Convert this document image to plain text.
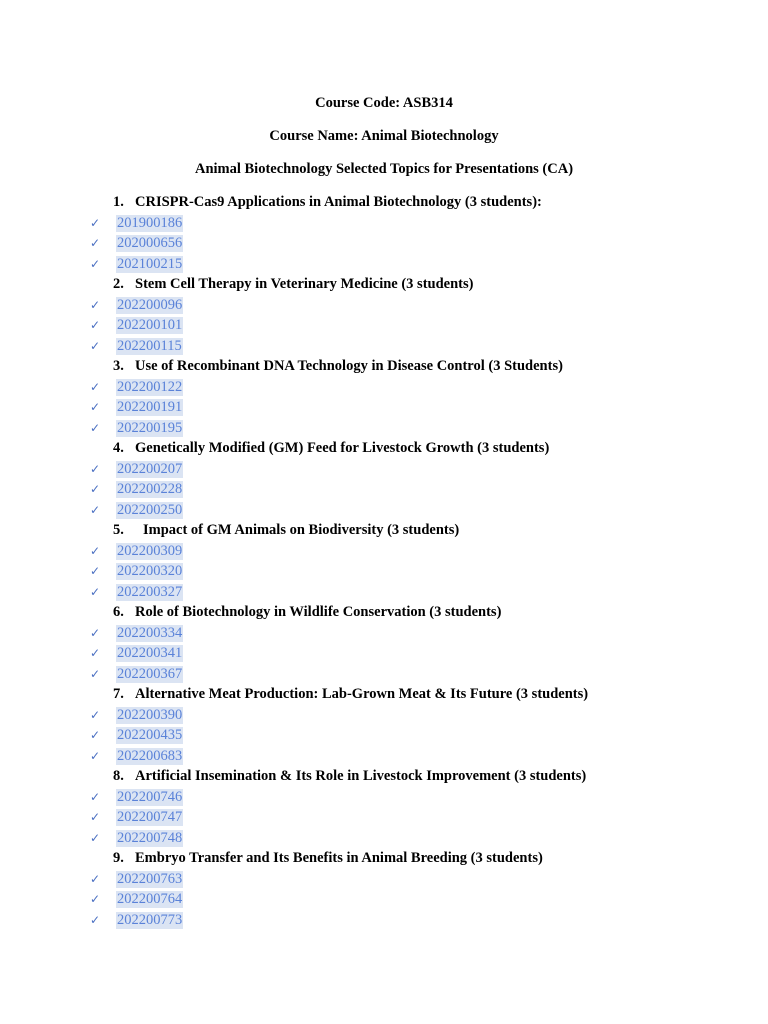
Course Code: ASB314
Course Name: Animal Biotechnology
Animal Biotechnology Selected Topics for Presentations (CA)
1. CRISPR-Cas9 Applications in Animal Biotechnology (3 students):
✓ 201900186
✓ 202000656
✓ 202100215
2. Stem Cell Therapy in Veterinary Medicine (3 students)
✓ 202200096
✓ 202200101
✓ 202200115
3. Use of Recombinant DNA Technology in Disease Control (3 Students)
✓ 202200122
✓ 202200191
✓ 202200195
4. Genetically Modified (GM) Feed for Livestock Growth (3 students)
✓ 202200207
✓ 202200228
✓ 202200250
5. Impact of GM Animals on Biodiversity (3 students)
✓ 202200309
✓ 202200320
✓ 202200327
6. Role of Biotechnology in Wildlife Conservation (3 students)
✓ 202200334
✓ 202200341
✓ 202200367
7. Alternative Meat Production: Lab-Grown Meat & Its Future (3 students)
✓ 202200390
✓ 202200435
✓ 202200683
8. Artificial Insemination & Its Role in Livestock Improvement (3 students)
✓ 202200746
✓ 202200747
✓ 202200748
9. Embryo Transfer and Its Benefits in Animal Breeding (3 students)
✓ 202200763
✓ 202200764
✓ 202200773
